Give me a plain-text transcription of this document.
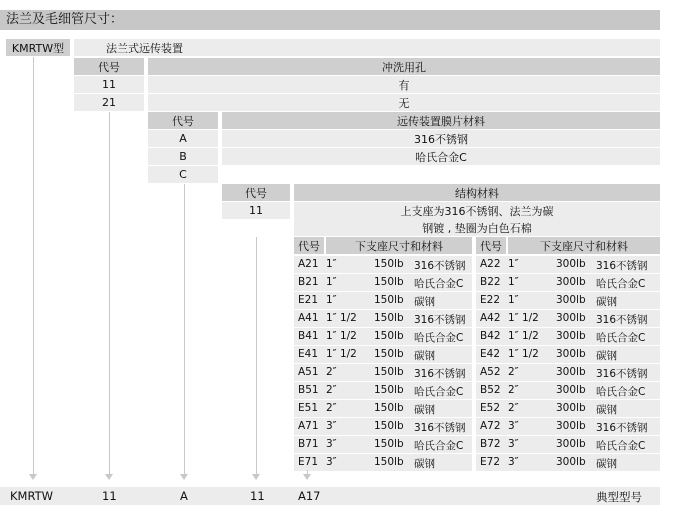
法兰及毛细管尺寸：
KMRTW型	法兰式远传装置
代号	冲洗用孔
11	有
21	无
代号	远传装置膜片材料
A	316不锈钢
B	哈氏合金C
C
代号	结构材料
11	上支座为316不锈钢、法兰为碳
钢镀 , 垫圈为白色石棉
代号	下支座尺寸和材料	代号	下支座尺寸和材料
A21 1″	150lb 316不锈钢
B21 1″	150lb 哈氏合金C
E21 1″	150lb 碳钢
A41 1″ 1/2 150lb 316不锈钢
B41 1″ 1/2 150lb 哈氏合金C
E41 1″ 1/2 150lb 碳钢
A51 2″	150lb 316不锈钢
B51 2″	150lb 哈氏合金C
E51 2″	150lb 碳钢
A71 3″	150lb 316不锈钢
B71 3″	150lb 哈氏合金C
E71 3″	150lb 碳钢
A22 1″	300lb 316不锈钢
B22 1″	300lb 哈氏合金C
E22 1″	300lb 碳钢
A42 1″ 1/2 300lb 316不锈钢
B42 1″ 1/2 300lb 哈氏合金C
E42 1″ 1/2 300lb 碳钢
A52 2″	300lb 316不锈钢
B52 2″	300lb 哈氏合金C
E52 2″	300lb 碳钢
A72 3″	300lb 316不锈钢
B72 3″	300lb 哈氏合金C
E72 3″	300lb 碳钢
KMRTW	11	A	11	A17	典型型号
